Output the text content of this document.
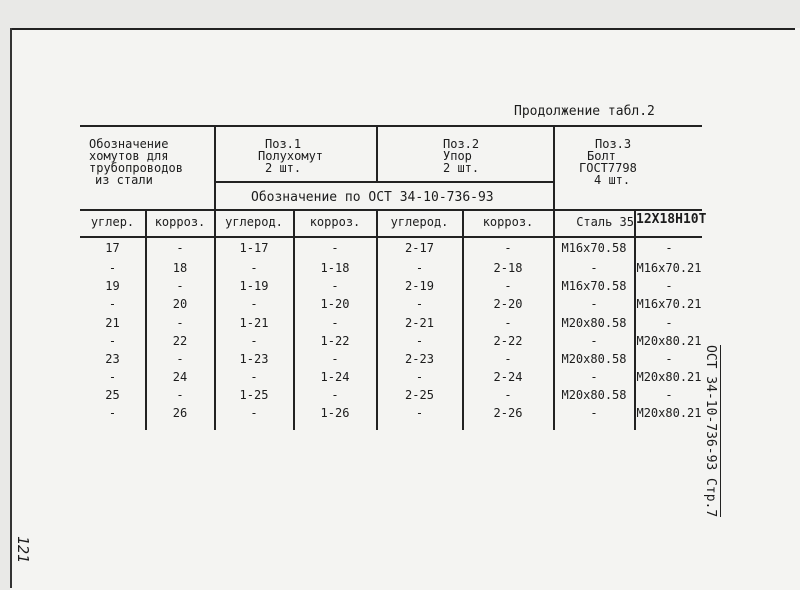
Продолжение табл.2
Обозначение
хомутов для
трубопроводов
из стали
Поз.1
Полухомут
2 шт.
Поз.2
Упор
2 шт.
Поз.3
Болт
ГОСТ7798
4 шт.
Обозначение по ОСТ 34-10-736-93
углер.	корроз.	углерод.	корроз.	углерод.	корроз.	Сталь 35 12Х18Н10Т
17	-	1-17	-	2-17	-	М16х70.58	-
-	18	-	1-18	-	2-18	-	М16х70.21
19	-	1-19	-	2-19	-	М16х70.58	-
-	20	-	1-20	-	2-20	-	М16х70.21
21	-	1-21	-	2-21	-	М20х80.58	-
-	22	-	1-22	-	2-22	-	М20х80.21
23	-	1-23	-	2-23	-	М20х80.58	-
-	24	-	1-24	-	2-24	-	М20х80.21
25	-	1-25	-	2-25	-	М20х80.58	-
-	26	-	1-26	-	2-26	-	М20х80.21 ОСТ 34-10-736-93 Стр.7
121
